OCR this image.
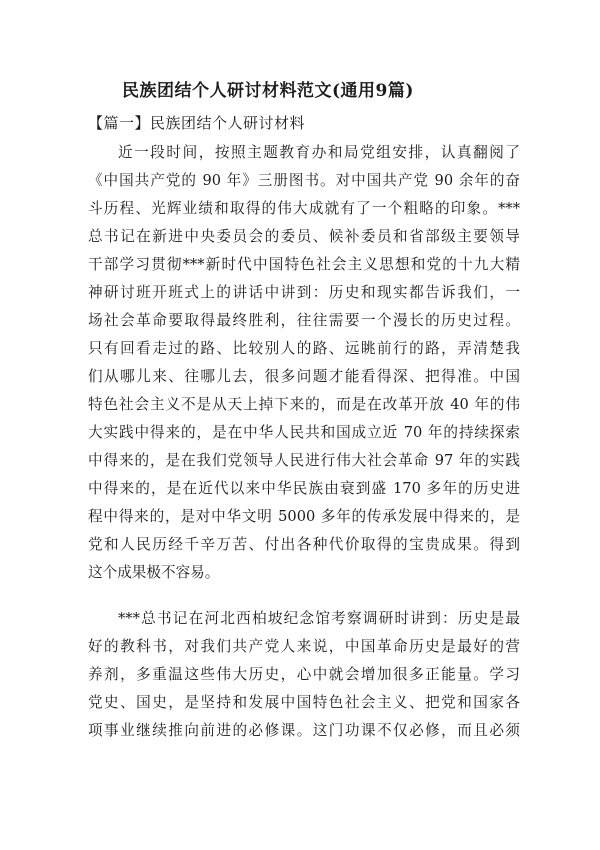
民族团结个人研讨材料范文(通用9篇)
【篇一】民族团结个人研讨材料
近一段时间，按照主题教育办和局党组安排，认真翻阅了
《中国共产党的 90 年》三册图书。对中国共产党 90 余年的奋
斗历程、光辉业绩和取得的伟大成就有了一个粗略的印象。***
总书记在新进中央委员会的委员、候补委员和省部级主要领导
干部学习贯彻***新时代中国特色社会主义思想和党的十九大精
神研讨班开班式上的讲话中讲到：历史和现实都告诉我们，一
场社会革命要取得最终胜利，往往需要一个漫长的历史过程。
只有回看走过的路、比较别人的路、远眺前行的路，弄清楚我
们从哪儿来、往哪儿去，很多问题才能看得深、把得准。中国
特色社会主义不是从天上掉下来的，而是在改革开放 40 年的伟
大实践中得来的，是在中华人民共和国成立近 70 年的持续探索
中得来的，是在我们党领导人民进行伟大社会革命 97 年的实践
中得来的，是在近代以来中华民族由衰到盛 170 多年的历史进
程中得来的，是对中华文明 5000 多年的传承发展中得来的，是
党和人民历经千辛万苦、付出各种代价取得的宝贵成果。得到
这个成果极不容易。
***总书记在河北西柏坡纪念馆考察调研时讲到：历史是最
好的教科书，对我们共产党人来说，中国革命历史是最好的营
养剂，多重温这些伟大历史，心中就会增加很多正能量。学习
党史、国史，是坚持和发展中国特色社会主义、把党和国家各
项事业继续推向前进的必修课。这门功课不仅必修，而且必须
